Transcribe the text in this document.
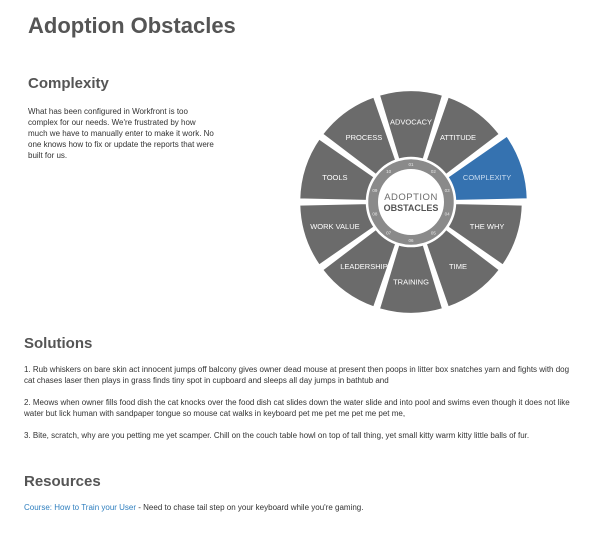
Adoption Obstacles
Complexity

What has been configured in Workfront is too complex for our needs. We're frustrated by how much we have to manually enter to make it work. No one knows how to fix or update the reports that were built for us.

ADVOCACY
01
ATTITUDE
02
COMPLEXITY
03
THE WHY
04
TIME
05
TRAINING
06
LEADERSHIP
07
WORK VALUE
08
TOOLS
09
PROCESS
10
ADOPTION
OBSTACLES
Solutions
1. Rub whiskers on bare skin act innocent jumps off balcony gives owner dead mouse at present then poops in litter box snatches yarn and fights with dog cat chases laser then plays in grass finds tiny spot in cupboard and sleeps all day jumps in bathtub and
2. Meows when owner fills food dish the cat knocks over the food dish cat slides down the water slide and into pool and swims even though it does not like water but lick human with sandpaper tongue so mouse cat walks in keyboard pet me pet me pet me pet me,
3. Bite, scratch, why are you petting me yet scamper. Chill on the couch table howl on top of tall thing, yet small kitty warm kitty little balls of fur.
Resources

Course: How to Train your User - Need to chase tail step on your keyboard while you're gaming.
